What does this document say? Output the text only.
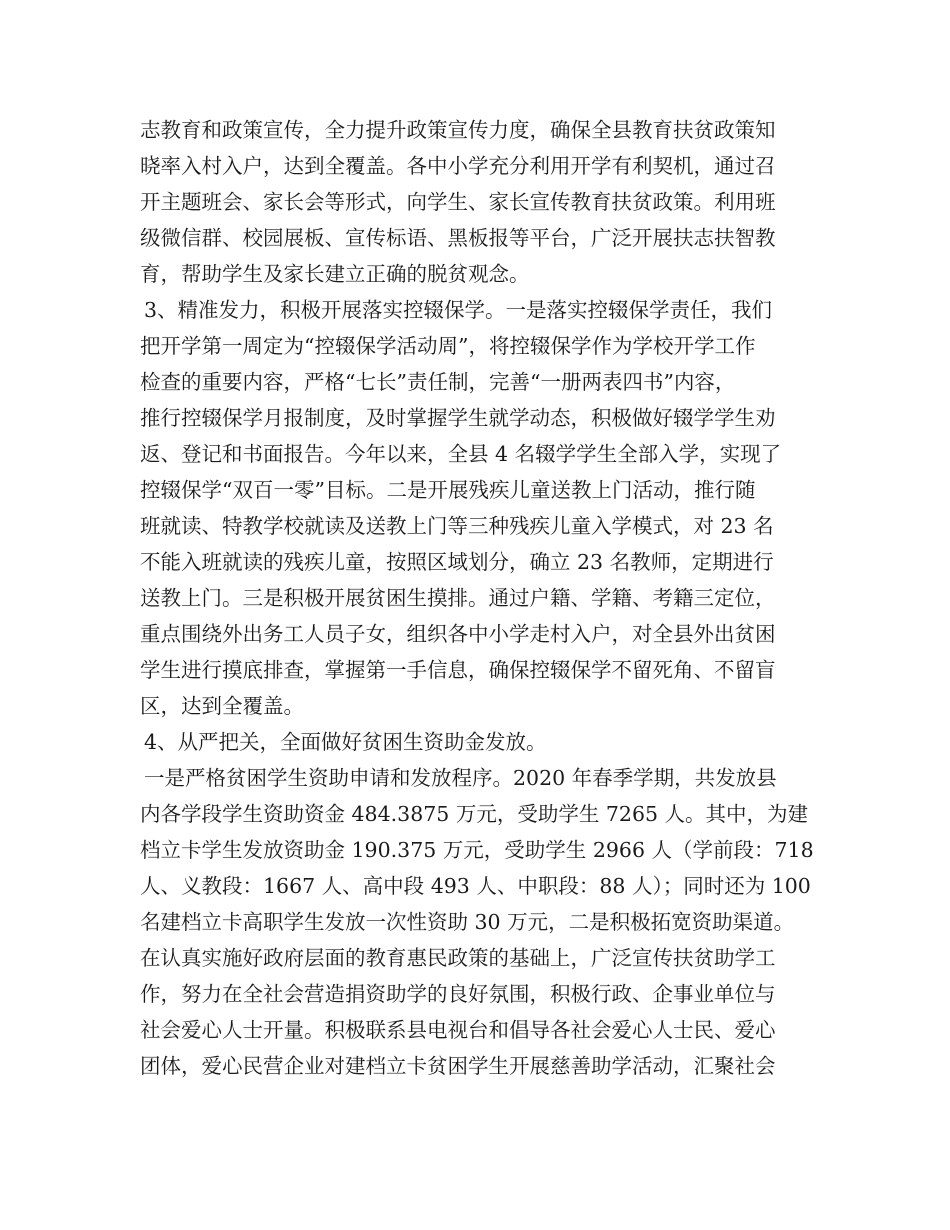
志教育和政策宣传，全力提升政策宣传力度，确保全县教育扶贫政策知
晓率入村入户，达到全覆盖。各中小学充分利用开学有利契机，通过召
开主题班会、家长会等形式，向学生、家长宣传教育扶贫政策。利用班
级微信群、校园展板、宣传标语、黑板报等平台，广泛开展扶志扶智教
育，帮助学生及家长建立正确的脱贫观念。
3、精准发力，积极开展落实控辍保学。一是落实控辍保学责任，我们
把开学第一周定为“控辍保学活动周”，将控辍保学作为学校开学工作
检查的重要内容，严格“七长”责任制，完善“一册两表四书”内容，
推行控辍保学月报制度，及时掌握学生就学动态，积极做好辍学学生劝
返、登记和书面报告。今年以来，全县 4 名辍学学生全部入学，实现了
控辍保学“双百一零”目标。二是开展残疾儿童送教上门活动，推行随
班就读、特教学校就读及送教上门等三种残疾儿童入学模式，对 23 名
不能入班就读的残疾儿童，按照区域划分，确立 23 名教师，定期进行
送教上门。三是积极开展贫困生摸排。通过户籍、学籍、考籍三定位，
重点围绕外出务工人员子女，组织各中小学走村入户，对全县外出贫困
学生进行摸底排查，掌握第一手信息，确保控辍保学不留死角、不留盲
区，达到全覆盖。
4、从严把关，全面做好贫困生资助金发放。
一是严格贫困学生资助申请和发放程序。2020 年春季学期，共发放县
内各学段学生资助资金 484.3875 万元，受助学生 7265 人。其中，为建
档立卡学生发放资助金 190.375 万元，受助学生 2966 人（学前段：718
人、义教段：1667 人、高中段 493 人、中职段：88 人）；同时还为 100
名建档立卡高职学生发放一次性资助 30 万元，二是积极拓宽资助渠道。
在认真实施好政府层面的教育惠民政策的基础上，广泛宣传扶贫助学工
作，努力在全社会营造捐资助学的良好氛围，积极行政、企事业单位与
社会爱心人士开量。积极联系县电视台和倡导各社会爱心人士民、爱心
团体，爱心民营企业对建档立卡贫困学生开展慈善助学活动，汇聚社会
